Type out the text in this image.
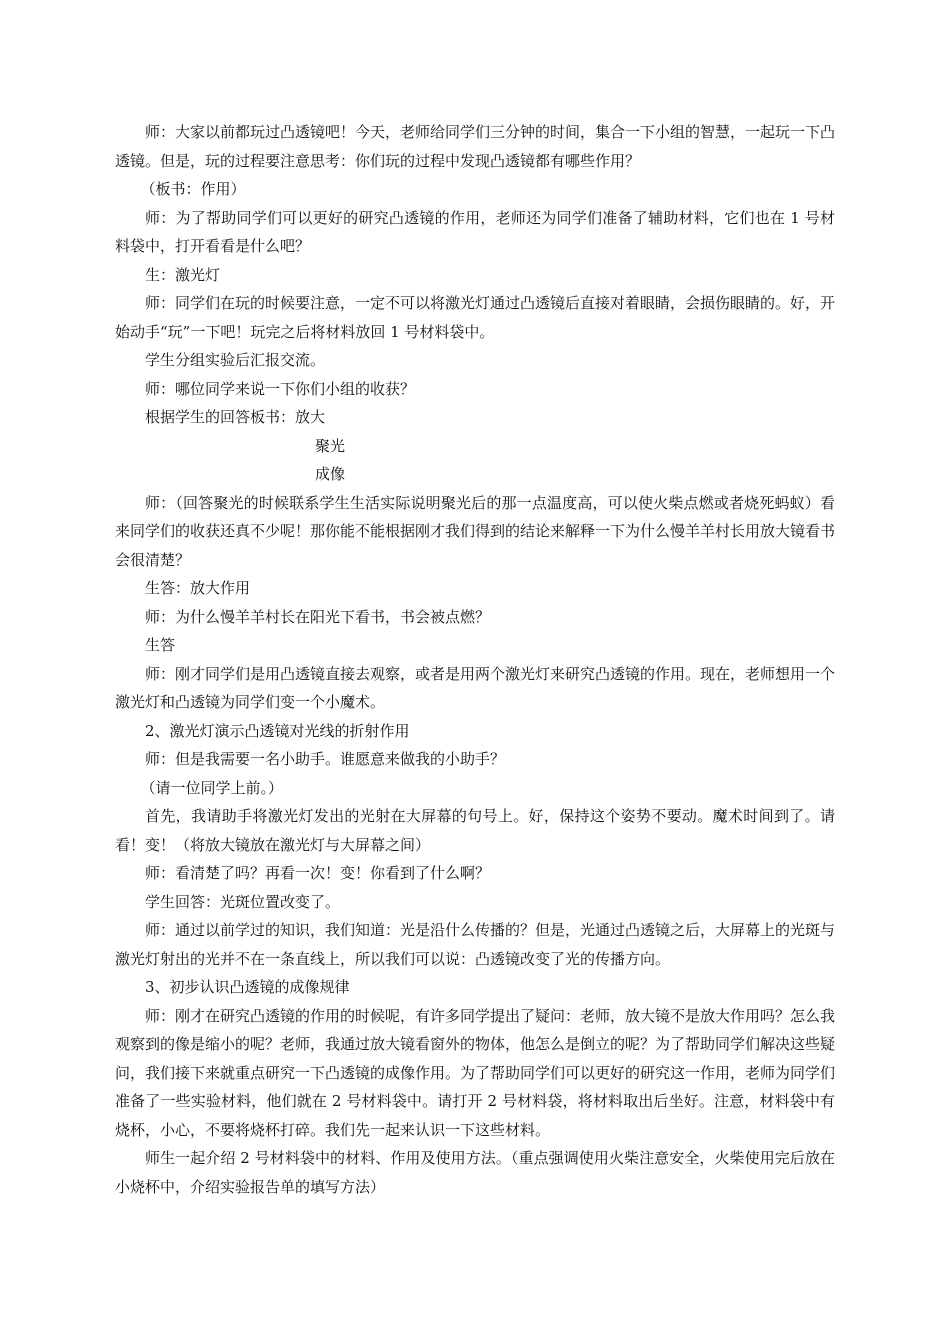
师：大家以前都玩过凸透镜吧！今天，老师给同学们三分钟的时间，集合一下小组的智慧，一起玩一下凸透镜。但是，玩的过程要注意思考：你们玩的过程中发现凸透镜都有哪些作用？

（板书：作用）

师：为了帮助同学们可以更好的研究凸透镜的作用，老师还为同学们准备了辅助材料，它们也在 1 号材料袋中，打开看看是什么吧？

生：激光灯

师：同学们在玩的时候要注意，一定不可以将激光灯通过凸透镜后直接对着眼睛，会损伤眼睛的。好，开始动手“玩”一下吧！玩完之后将材料放回 1 号材料袋中。

学生分组实验后汇报交流。

师：哪位同学来说一下你们小组的收获？

根据学生的回答板书：放大

聚光

成像

师：（回答聚光的时候联系学生生活实际说明聚光后的那一点温度高，可以使火柴点燃或者烧死蚂蚁）看来同学们的收获还真不少呢！那你能不能根据刚才我们得到的结论来解释一下为什么慢羊羊村长用放大镜看书会很清楚？

生答：放大作用

师：为什么慢羊羊村长在阳光下看书，书会被点燃？

生答

师：刚才同学们是用凸透镜直接去观察，或者是用两个激光灯来研究凸透镜的作用。现在，老师想用一个激光灯和凸透镜为同学们变一个小魔术。

2、激光灯演示凸透镜对光线的折射作用

师：但是我需要一名小助手。谁愿意来做我的小助手？

（请一位同学上前。）

首先，我请助手将激光灯发出的光射在大屏幕的句号上。好，保持这个姿势不要动。魔术时间到了。请看！变！（将放大镜放在激光灯与大屏幕之间）

师：看清楚了吗？再看一次！变！你看到了什么啊？

学生回答：光斑位置改变了。

师：通过以前学过的知识，我们知道：光是沿什么传播的？但是，光通过凸透镜之后，大屏幕上的光斑与激光灯射出的光并不在一条直线上，所以我们可以说：凸透镜改变了光的传播方向。

3、初步认识凸透镜的成像规律

师：刚才在研究凸透镜的作用的时候呢，有许多同学提出了疑问：老师，放大镜不是放大作用吗？怎么我观察到的像是缩小的呢？老师，我通过放大镜看窗外的物体，他怎么是倒立的呢？为了帮助同学们解决这些疑问，我们接下来就重点研究一下凸透镜的成像作用。为了帮助同学们可以更好的研究这一作用，老师为同学们准备了一些实验材料，他们就在 2 号材料袋中。请打开 2 号材料袋，将材料取出后坐好。注意，材料袋中有烧杯，小心，不要将烧杯打碎。我们先一起来认识一下这些材料。

师生一起介绍 2 号材料袋中的材料、作用及使用方法。（重点强调使用火柴注意安全，火柴使用完后放在小烧杯中，介绍实验报告单的填写方法）
